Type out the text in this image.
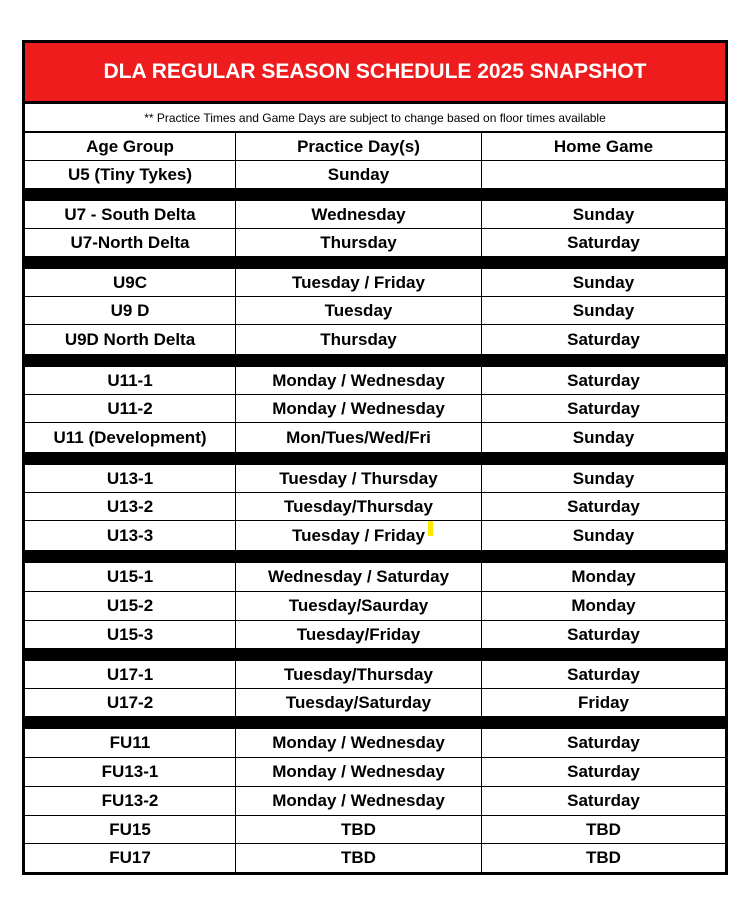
DLA REGULAR SEASON SCHEDULE 2025 SNAPSHOT
** Practice Times and Game Days are subject to change based on floor times available
Age Group	Practice Day(s)	Home Game
U5 (Tiny Tykes)	Sunday
U7 - South Delta	Wednesday	Sunday
U7-North Delta	Thursday	Saturday
U9C	Tuesday / Friday	Sunday
U9 D	Tuesday	Sunday
U9D North Delta	Thursday	Saturday
U11-1	Monday / Wednesday	Saturday
U11-2	Monday / Wednesday	Saturday
U11 (Development)	Mon/Tues/Wed/Fri	Sunday
U13-1	Tuesday / Thursday	Sunday
U13-2	Tuesday/Thursday	Saturday
U13-3	Tuesday / Friday	Sunday
U15-1	Wednesday / Saturday	Monday
U15-2	Tuesday/Saurday	Monday
U15-3	Tuesday/Friday	Saturday
U17-1	Tuesday/Thursday	Saturday
U17-2	Tuesday/Saturday	Friday
FU11	Monday / Wednesday	Saturday
FU13-1	Monday / Wednesday	Saturday
FU13-2	Monday / Wednesday	Saturday
FU15	TBD	TBD
FU17	TBD	TBD
